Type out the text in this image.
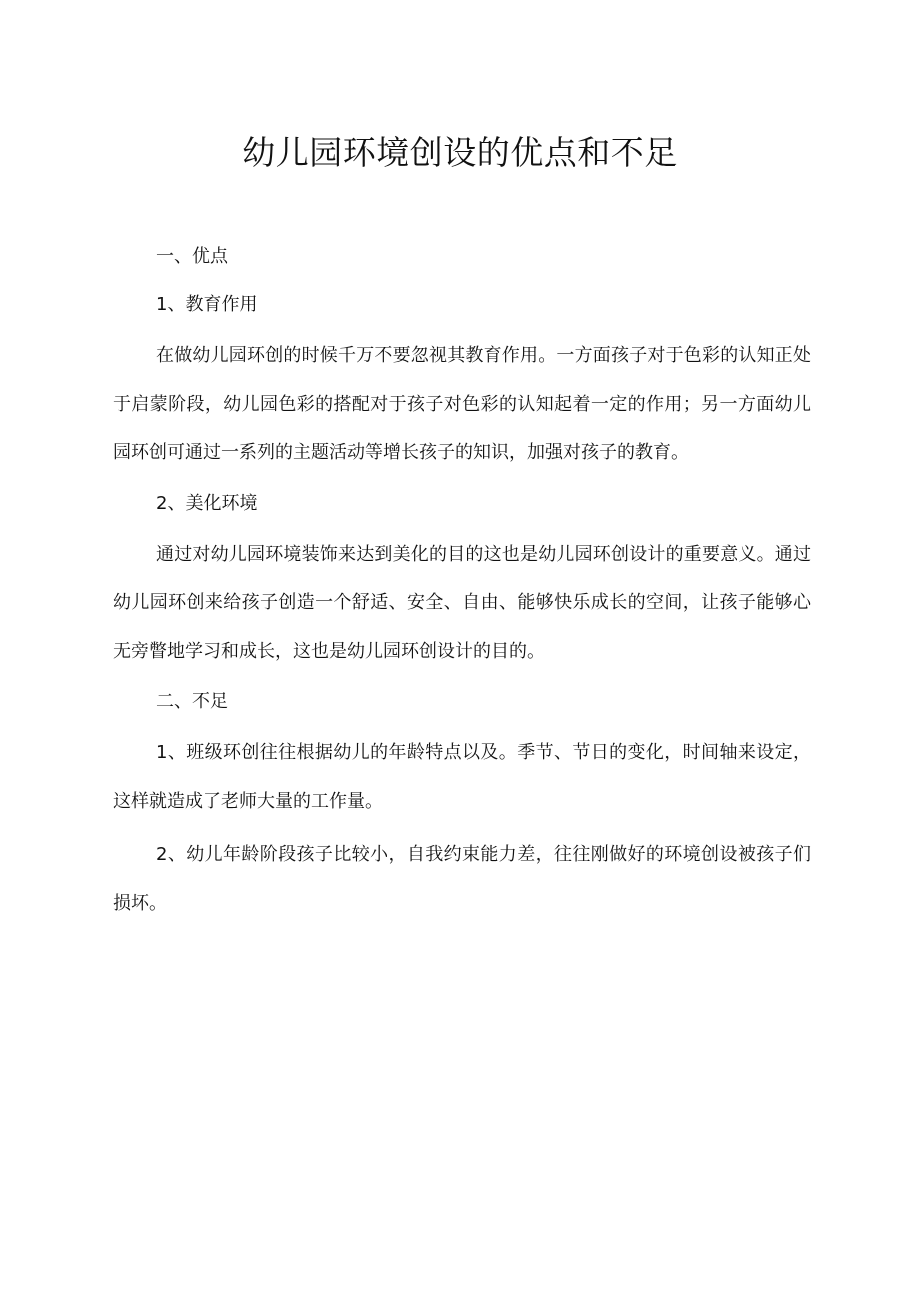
幼儿园环境创设的优点和不足

一、优点

1、教育作用

在做幼儿园环创的时候千万不要忽视其教育作用。一方面孩子对于色彩的认知正处于启蒙阶段，幼儿园色彩的搭配对于孩子对色彩的认知起着一定的作用；另一方面幼儿园环创可通过一系列的主题活动等增长孩子的知识，加强对孩子的教育。

2、美化环境

通过对幼儿园环境装饰来达到美化的目的这也是幼儿园环创设计的重要意义。通过幼儿园环创来给孩子创造一个舒适、安全、自由、能够快乐成长的空间，让孩子能够心无旁瞥地学习和成长，这也是幼儿园环创设计的目的。

二、不足

1、班级环创往往根据幼儿的年龄特点以及。季节、节日的变化，时间轴来设定，这样就造成了老师大量的工作量。

2、幼儿年龄阶段孩子比较小，自我约束能力差，往往刚做好的环境创设被孩子们损坏。
